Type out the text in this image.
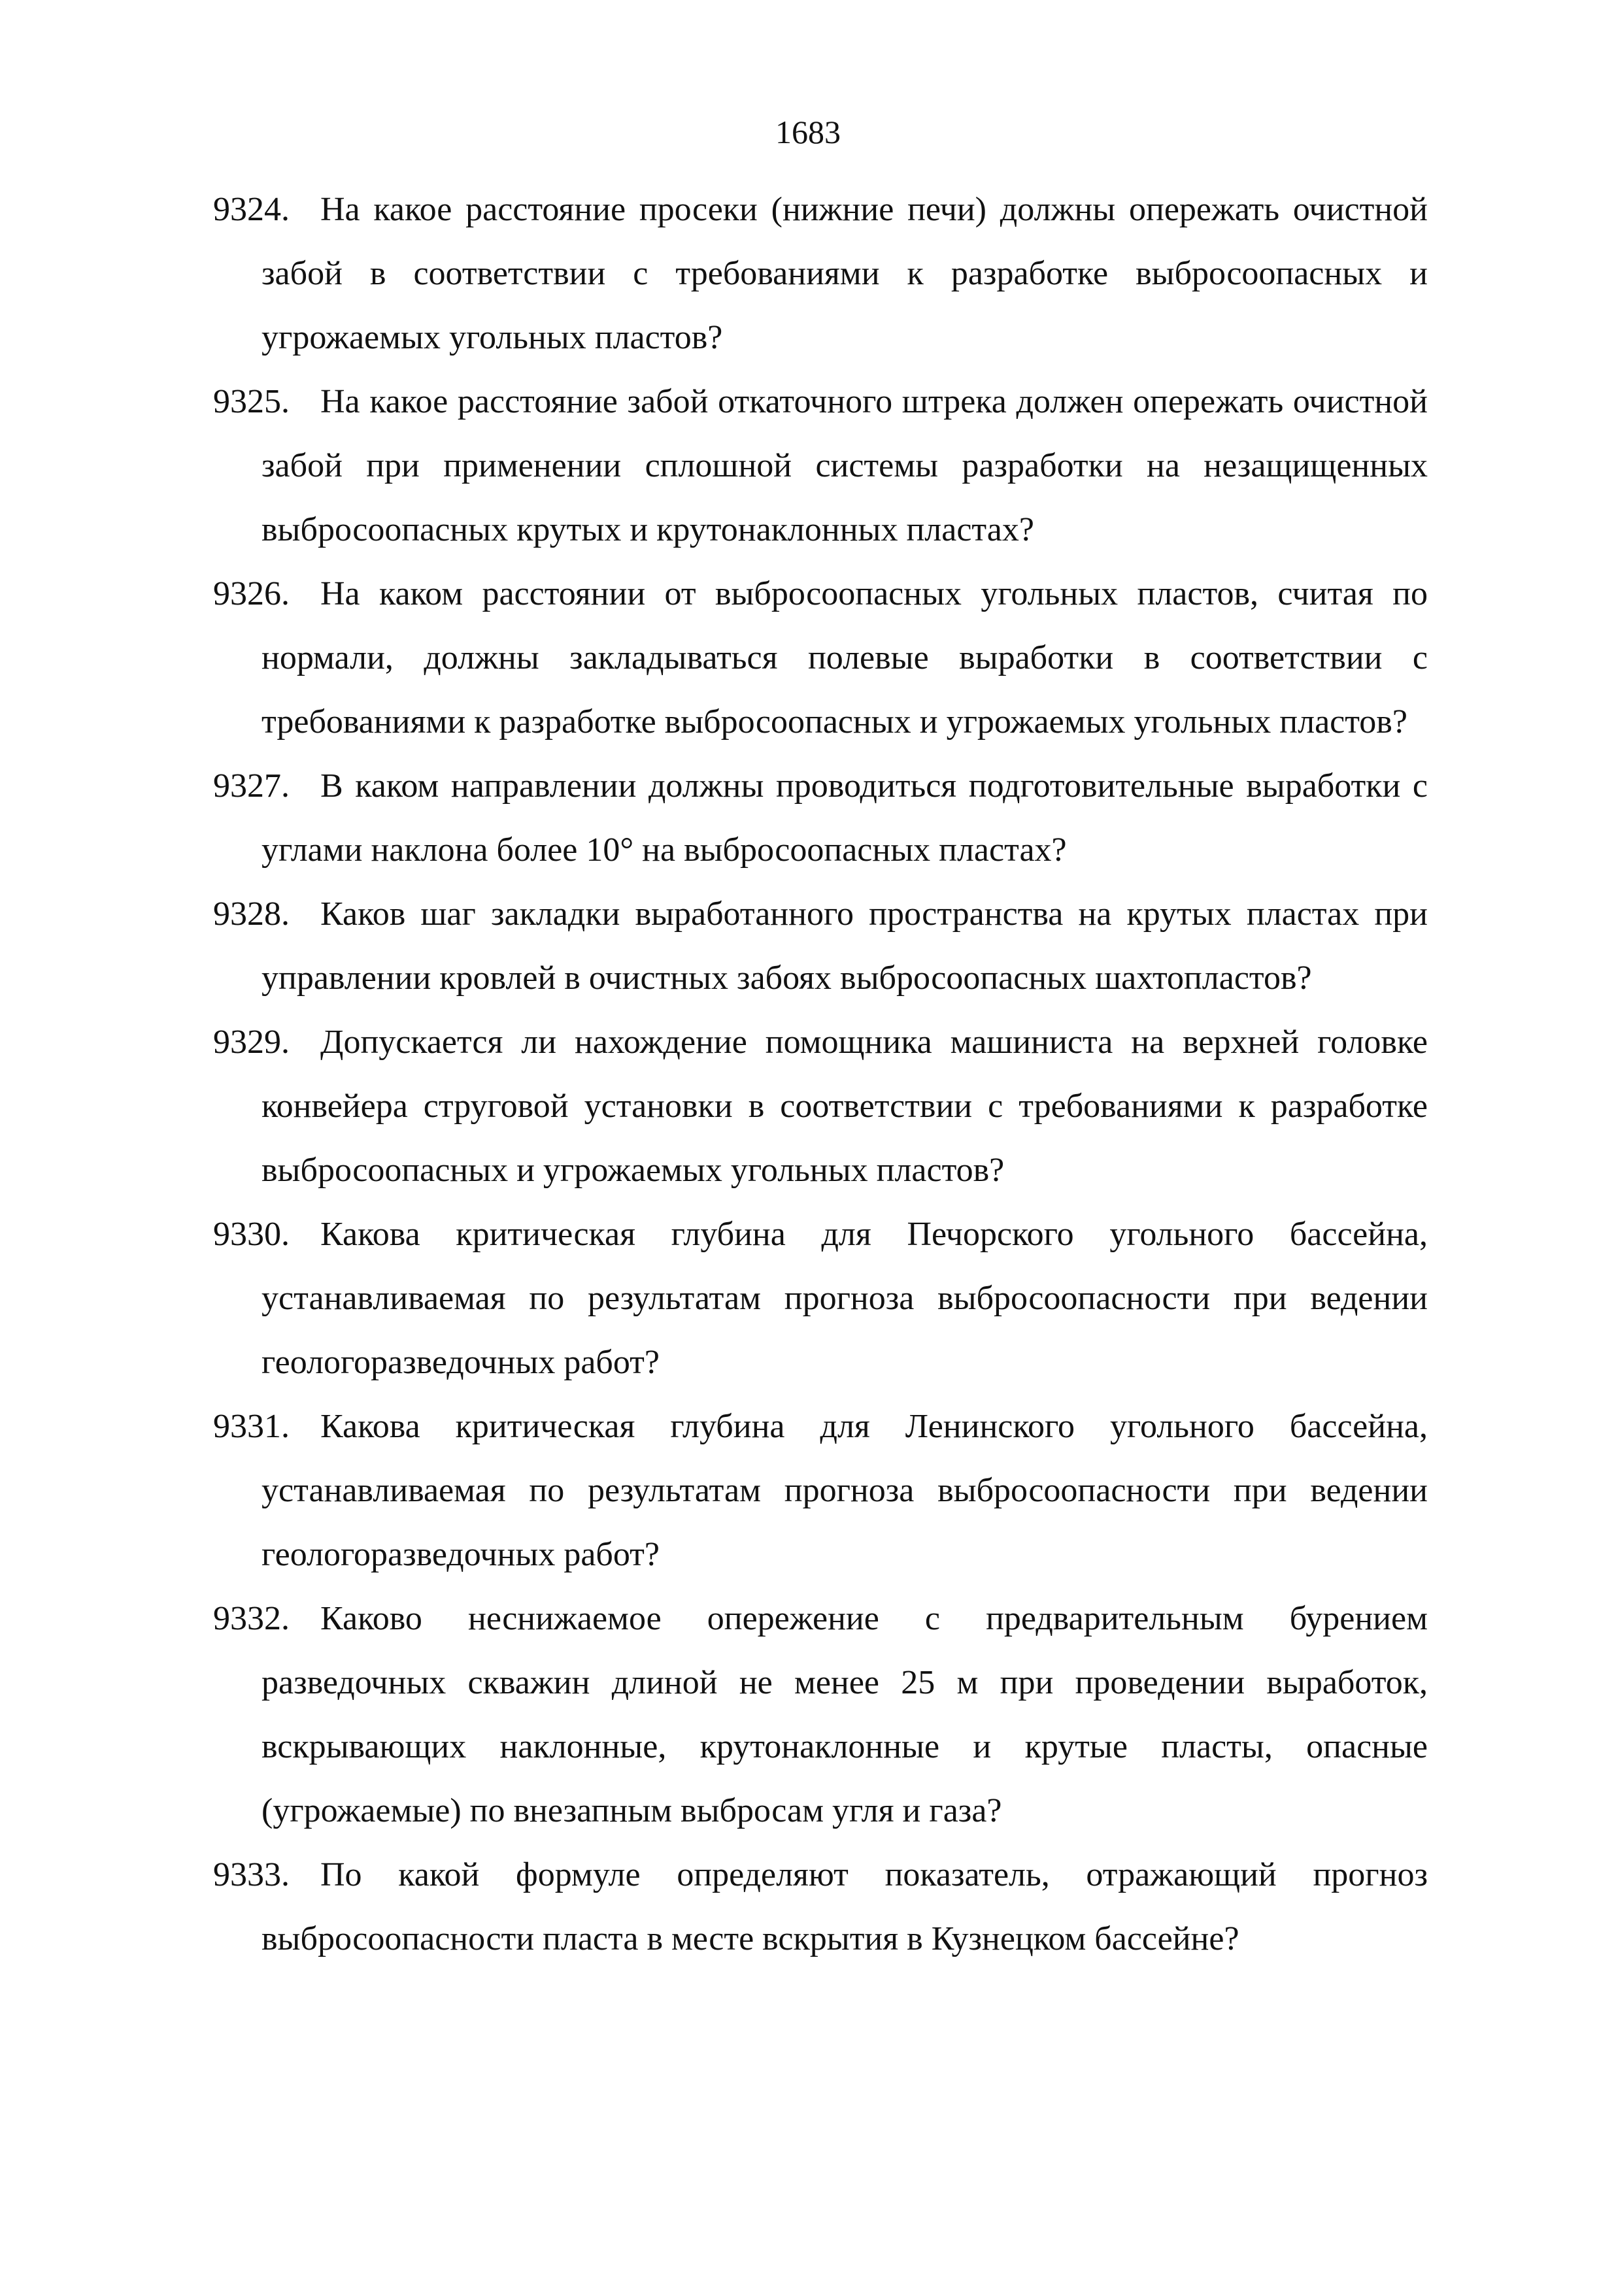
1683
9324. На какое расстояние просеки (нижние печи) должны опережать очистной забой в соответствии с требованиями к разработке выбросоопасных и угрожаемых угольных пластов?
9325. На какое расстояние забой откаточного штрека должен опережать очистной забой при применении сплошной системы разработки на незащищенных выбросоопасных крутых и крутонаклонных пластах?
9326. На каком расстоянии от выбросоопасных угольных пластов, считая по нормали, должны закладываться полевые выработки в соответствии с требованиями к разработке выбросоопасных и угрожаемых угольных пластов?
9327. В каком направлении должны проводиться подготовительные выработки с углами наклона более 10° на выбросоопасных пластах?
9328. Каков шаг закладки выработанного пространства на крутых пластах при управлении кровлей в очистных забоях выбросоопасных шахтопластов?
9329. Допускается ли нахождение помощника машиниста на верхней головке конвейера струговой установки в соответствии с требованиями к разработке выбросоопасных и угрожаемых угольных пластов?
9330. Какова критическая глубина для Печорского угольного бассейна, устанавливаемая по результатам прогноза выбросоопасности при ведении геологоразведочных работ?
9331. Какова критическая глубина для Ленинского угольного бассейна, устанавливаемая по результатам прогноза выбросоопасности при ведении геологоразведочных работ?
9332. Каково неснижаемое опережение с предварительным бурением разведочных скважин длиной не менее 25 м при проведении выработок, вскрывающих наклонные, крутонаклонные и крутые пласты, опасные (угрожаемые) по внезапным выбросам угля и газа?
9333. По какой формуле определяют показатель, отражающий прогноз выбросоопасности пласта в месте вскрытия в Кузнецком бассейне?
